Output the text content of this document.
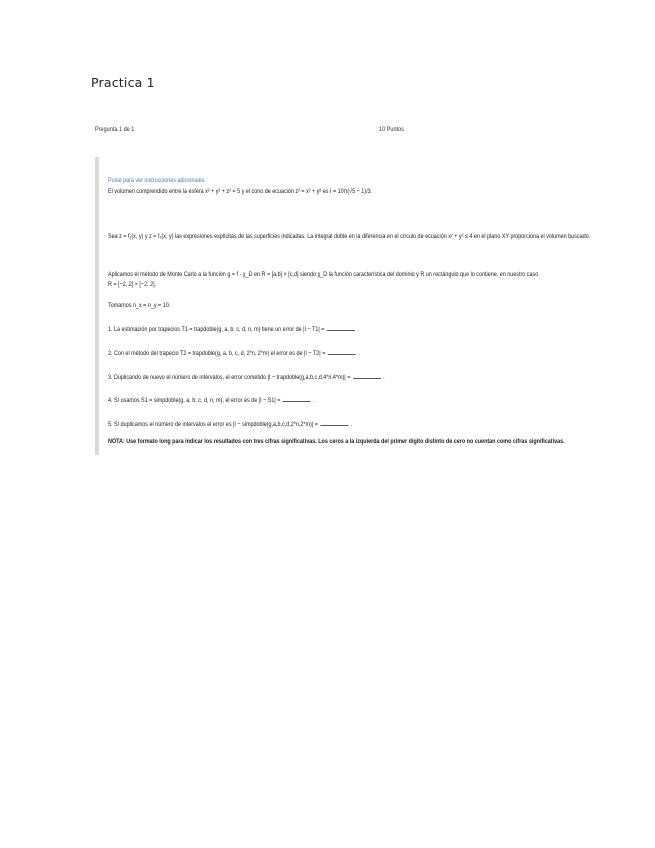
Practica 1
Pregunta 1 de 1	10 Puntos
Pulse para ver instrucciones adicionales
El volumen comprendido entre la esfera x² + y² + z² = 5 y el cono de ecuación z² = x² + y² es I = 10π(√5 − 1)/3.
Sea z = f₁(x, y) y z = f₂(x, y) las expresiones explícitas de las superficies indicadas. La integral doble en la diferencia en el círculo de ecuación x² + y² ≤ 4 en el plano XY proporciona el volumen buscado.
Aplicamos el método de Monte Carlo a la función g = f · χ_D en R = [a,b] × [c,d] siendo χ_D la función característica del dominio y R un rectángulo que lo contiene, en nuestro caso
R = [−2, 2] × [−2, 2].
Tomamos n_x = n_y = 10.
1. La estimación por trapecios T1 = trapdoble(g, a, b, c, d, n, m) tiene un error de |I − T1| =	.
2. Con el método del trapecio T2 = trapdoble(g, a, b, c, d, 2*n, 2*m) el error es de |I − T2| =	.
3. Duplicando de nuevo el número de intervalos, el error cometido |I − trapdoble(g,a,b,c,d,4*n,4*m)| =	.
4. Sí usamos S1 = simpdoble(g, a, b, c, d, n, m), el error es de |I − S1| =	.
5. Sí duplicamos el número de intervalos el error es |I − simpdoble(g,a,b,c,d,2*n,2*m)| =	.
NOTA: Use formato long para indicar los resultados con tres cifras significativas. Los ceros a la izquierda del primer dígito distinto de cero no cuentan como cifras significativas.
